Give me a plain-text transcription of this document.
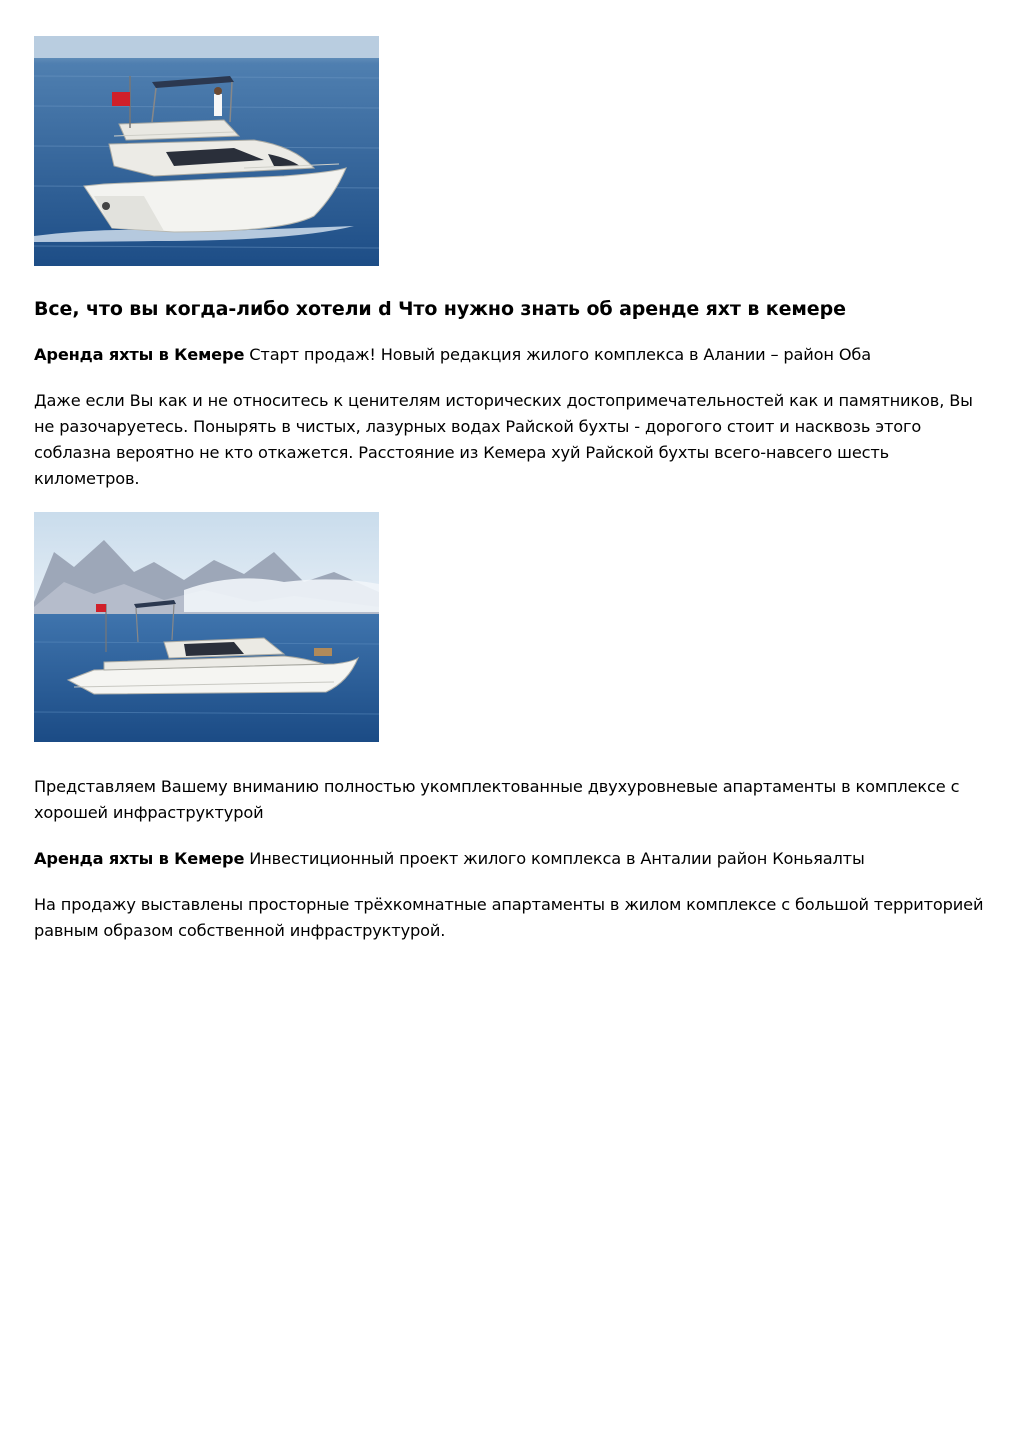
Все, что вы когда-либо хотели d Что нужно знать об аренде яхт в кемере

Аренда яхты в Кемере Старт продаж! Новый редакция жилого комплекса в Алании – район Оба

Даже если Вы как и не относитесь к ценителям исторических достопримечательностей как и памятников, Вы не разочаруетесь. Понырять в чистых, лазурных водах Райской бухты - дорогого стоит и насквозь этого соблазна вероятно не кто откажется. Расстояние из Кемера хуй Райской бухты всего-навсего шесть километров.

Представляем Вашему вниманию полностью укомплектованные двухуровневые апартаменты в комплексе с хорошей инфраструктурой

Аренда яхты в Кемере Инвестиционный проект жилого комплекса в Анталии район Коньяалты

На продажу выставлены просторные трёхкомнатные апартаменты в жилом комплексе с большой территорией равным образом собственной инфраструктурой.
